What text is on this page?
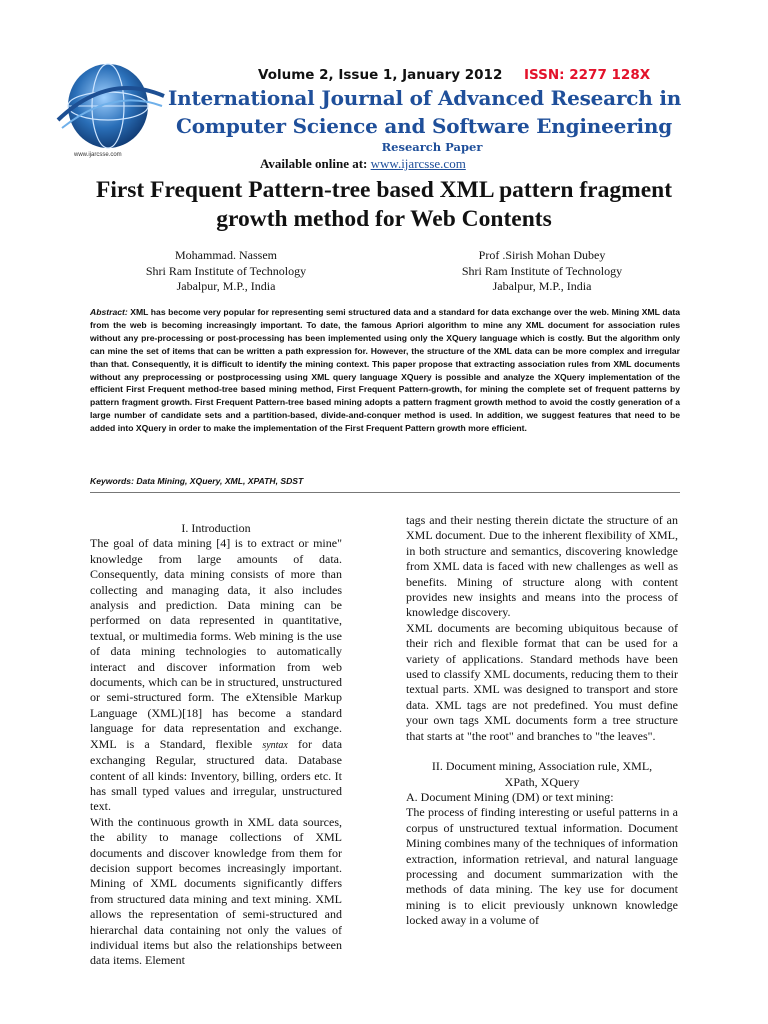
www.ijarcsse.com
Volume 2, Issue 1, January 2012 ISSN: 2277 128X
International Journal of Advanced Research in
Computer Science and Software Engineering
Research Paper
Available online at: www.ijarcsse.com
First Frequent Pattern-tree based XML pattern fragment
growth method for Web Contents
Mohammad. Nassem
Shri Ram Institute of Technology
Jabalpur, M.P., India
Prof .Sirish Mohan Dubey
Shri Ram Institute of Technology
Jabalpur, M.P., India
Abstract: XML has become very popular for representing semi structured data and a standard for data exchange over the web. Mining XML data from the web is becoming increasingly important. To date, the famous Apriori algorithm to mine any XML document for association rules without any pre-processing or post-processing has been implemented using only the XQuery language which is costly. But the algorithm only can mine the set of items that can be written a path expression for. However, the structure of the XML data can be more complex and irregular than that. Consequently, it is difficult to identify the mining context. This paper propose that extracting association rules from XML documents without any preprocessing or postprocessing using XML query language XQuery is possible and analyze the XQuery implementation of the efficient First Frequent method-tree based mining method, First Frequent Pattern-growth, for mining the complete set of frequent patterns by pattern fragment growth. First Frequent Pattern-tree based mining adopts a pattern fragment growth method to avoid the costly generation of a large number of candidate sets and a partition-based, divide-and-conquer method is used. In addition, we suggest features that need to be added into XQuery in order to make the implementation of the First Frequent Pattern growth more efficient.
Keywords: Data Mining, XQuery, XML, XPATH, SDST

I. Introduction

The goal of data mining [4] is to extract or mine" knowledge from large amounts of data. Consequently, data mining consists of more than collecting and managing data, it also includes analysis and prediction. Data mining can be performed on data represented in quantitative, textual, or multimedia forms. Web mining is the use of data mining technologies to automatically interact and discover information from web documents, which can be in structured, unstructured or semi-structured form. The eXtensible Markup Language (XML)[18] has become a standard language for data representation and exchange. XML is a Standard, flexible syntax for data exchanging Regular, structured data. Database content of all kinds: Inventory, billing, orders etc. It has small typed values and irregular, unstructured text.

With the continuous growth in XML data sources, the ability to manage collections of XML documents and discover knowledge from them for decision support becomes increasingly important. Mining of XML documents significantly differs from structured data mining and text mining. XML allows the representation of semi-structured and hierarchal data containing not only the values of individual items but also the relationships between data items. Element

tags and their nesting therein dictate the structure of an XML document. Due to the inherent flexibility of XML, in both structure and semantics, discovering knowledge from XML data is faced with new challenges as well as benefits. Mining of structure along with content provides new insights and means into the process of knowledge discovery.

XML documents are becoming ubiquitous because of their rich and flexible format that can be used for a variety of applications. Standard methods have been used to classify XML documents, reducing them to their textual parts. XML was designed to transport and store data. XML tags are not predefined. You must define your own tags XML documents form a tree structure that starts at "the root" and branches to "the leaves".

II. Document mining, Association rule, XML,

XPath, XQuery

A. Document Mining (DM) or text mining:

The process of finding interesting or useful patterns in a corpus of unstructured textual information. Document Mining combines many of the techniques of information extraction, information retrieval, and natural language processing and document summarization with the methods of data mining. The key use for document mining is to elicit previously unknown knowledge locked away in a volume of
